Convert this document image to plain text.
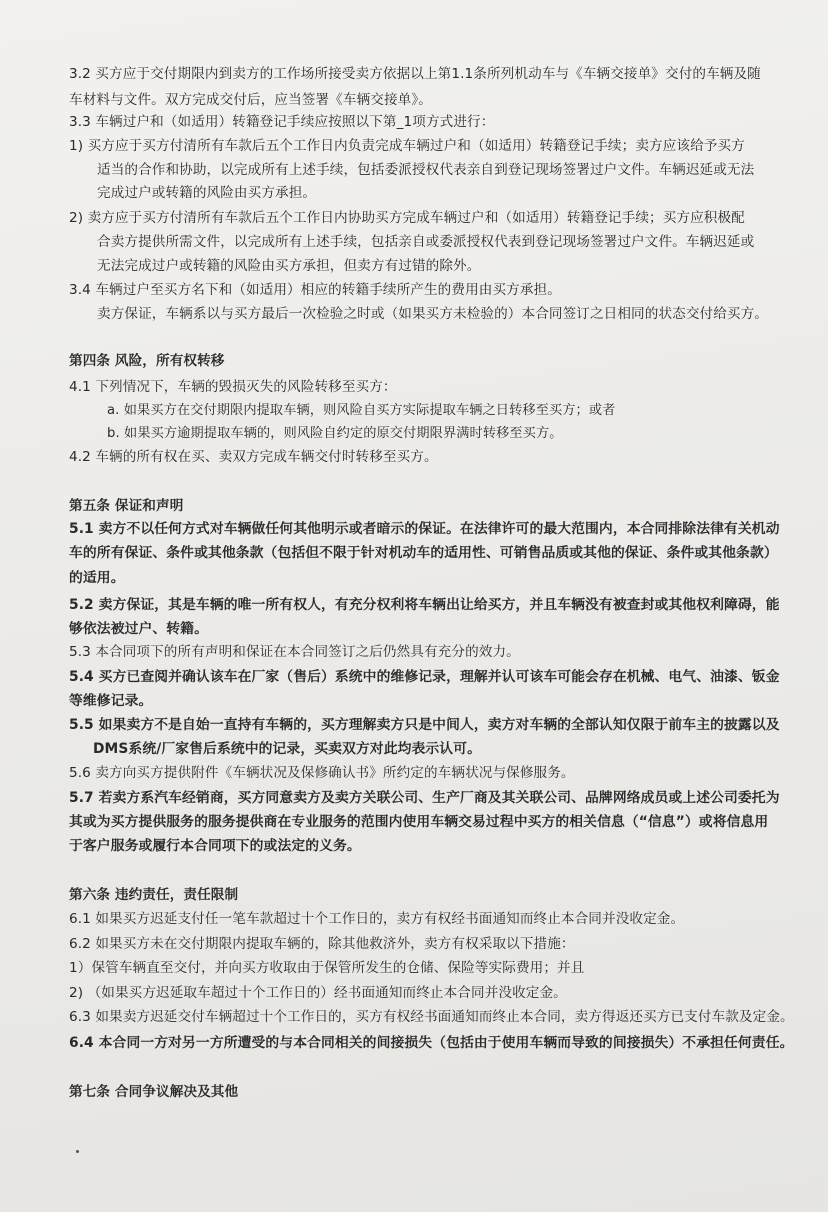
3.2 买方应于交付期限内到卖方的工作场所接受卖方依据以上第1.1条所列机动车与《车辆交接单》交付的车辆及随
车材料与文件。双方完成交付后，应当签署《车辆交接单》。
3.3 车辆过户和（如适用）转籍登记手续应按照以下第_1项方式进行：
1) 买方应于买方付清所有车款后五个工作日内负责完成车辆过户和（如适用）转籍登记手续；卖方应该给予买方
适当的合作和协助，以完成所有上述手续，包括委派授权代表亲自到登记现场签署过户文件。车辆迟延或无法
完成过户或转籍的风险由买方承担。
2) 卖方应于买方付清所有车款后五个工作日内协助买方完成车辆过户和（如适用）转籍登记手续；买方应积极配
合卖方提供所需文件，以完成所有上述手续，包括亲自或委派授权代表到登记现场签署过户文件。车辆迟延或
无法完成过户或转籍的风险由买方承担，但卖方有过错的除外。
3.4 车辆过户至买方名下和（如适用）相应的转籍手续所产生的费用由买方承担。
卖方保证，车辆系以与买方最后一次检验之时或（如果买方未检验的）本合同签订之日相同的状态交付给买方。
第四条 风险，所有权转移
4.1 下列情况下，车辆的毁损灭失的风险转移至买方：
a. 如果买方在交付期限内提取车辆，则风险自买方实际提取车辆之日转移至买方；或者
b. 如果买方逾期提取车辆的，则风险自约定的原交付期限界满时转移至买方。
4.2 车辆的所有权在买、卖双方完成车辆交付时转移至买方。
第五条 保证和声明
5.1 卖方不以任何方式对车辆做任何其他明示或者暗示的保证。在法律许可的最大范围内，本合同排除法律有关机动
车的所有保证、条件或其他条款（包括但不限于针对机动车的适用性、可销售品质或其他的保证、条件或其他条款）
的适用。
5.2 卖方保证，其是车辆的唯一所有权人，有充分权利将车辆出让给买方，并且车辆没有被查封或其他权利障碍，能
够依法被过户、转籍。
5.3 本合同项下的所有声明和保证在本合同签订之后仍然具有充分的效力。
5.4 买方已查阅并确认该车在厂家（售后）系统中的维修记录，理解并认可该车可能会存在机械、电气、油漆、钣金
等维修记录。
5.5 如果卖方不是自始一直持有车辆的，买方理解卖方只是中间人，卖方对车辆的全部认知仅限于前车主的披露以及
DMS系统/厂家售后系统中的记录，买卖双方对此均表示认可。
5.6 卖方向买方提供附件《车辆状况及保修确认书》所约定的车辆状况与保修服务。
5.7 若卖方系汽车经销商，买方同意卖方及卖方关联公司、生产厂商及其关联公司、品牌网络成员或上述公司委托为
其或为买方提供服务的服务提供商在专业服务的范围内使用车辆交易过程中买方的相关信息（“信息”）或将信息用
于客户服务或履行本合同项下的或法定的义务。
第六条 违约责任，责任限制
6.1 如果买方迟延支付任一笔车款超过十个工作日的，卖方有权经书面通知而终止本合同并没收定金。
6.2 如果买方未在交付期限内提取车辆的，除其他救济外，卖方有权采取以下措施：
1）保管车辆直至交付，并向买方收取由于保管所发生的仓储、保险等实际费用；并且
2) （如果买方迟延取车超过十个工作日的）经书面通知而终止本合同并没收定金。
6.3 如果卖方迟延交付车辆超过十个工作日的，买方有权经书面通知而终止本合同，卖方得返还买方已支付车款及定金。
6.4 本合同一方对另一方所遭受的与本合同相关的间接损失（包括由于使用车辆而导致的间接损失）不承担任何责任。
第七条 合同争议解决及其他
